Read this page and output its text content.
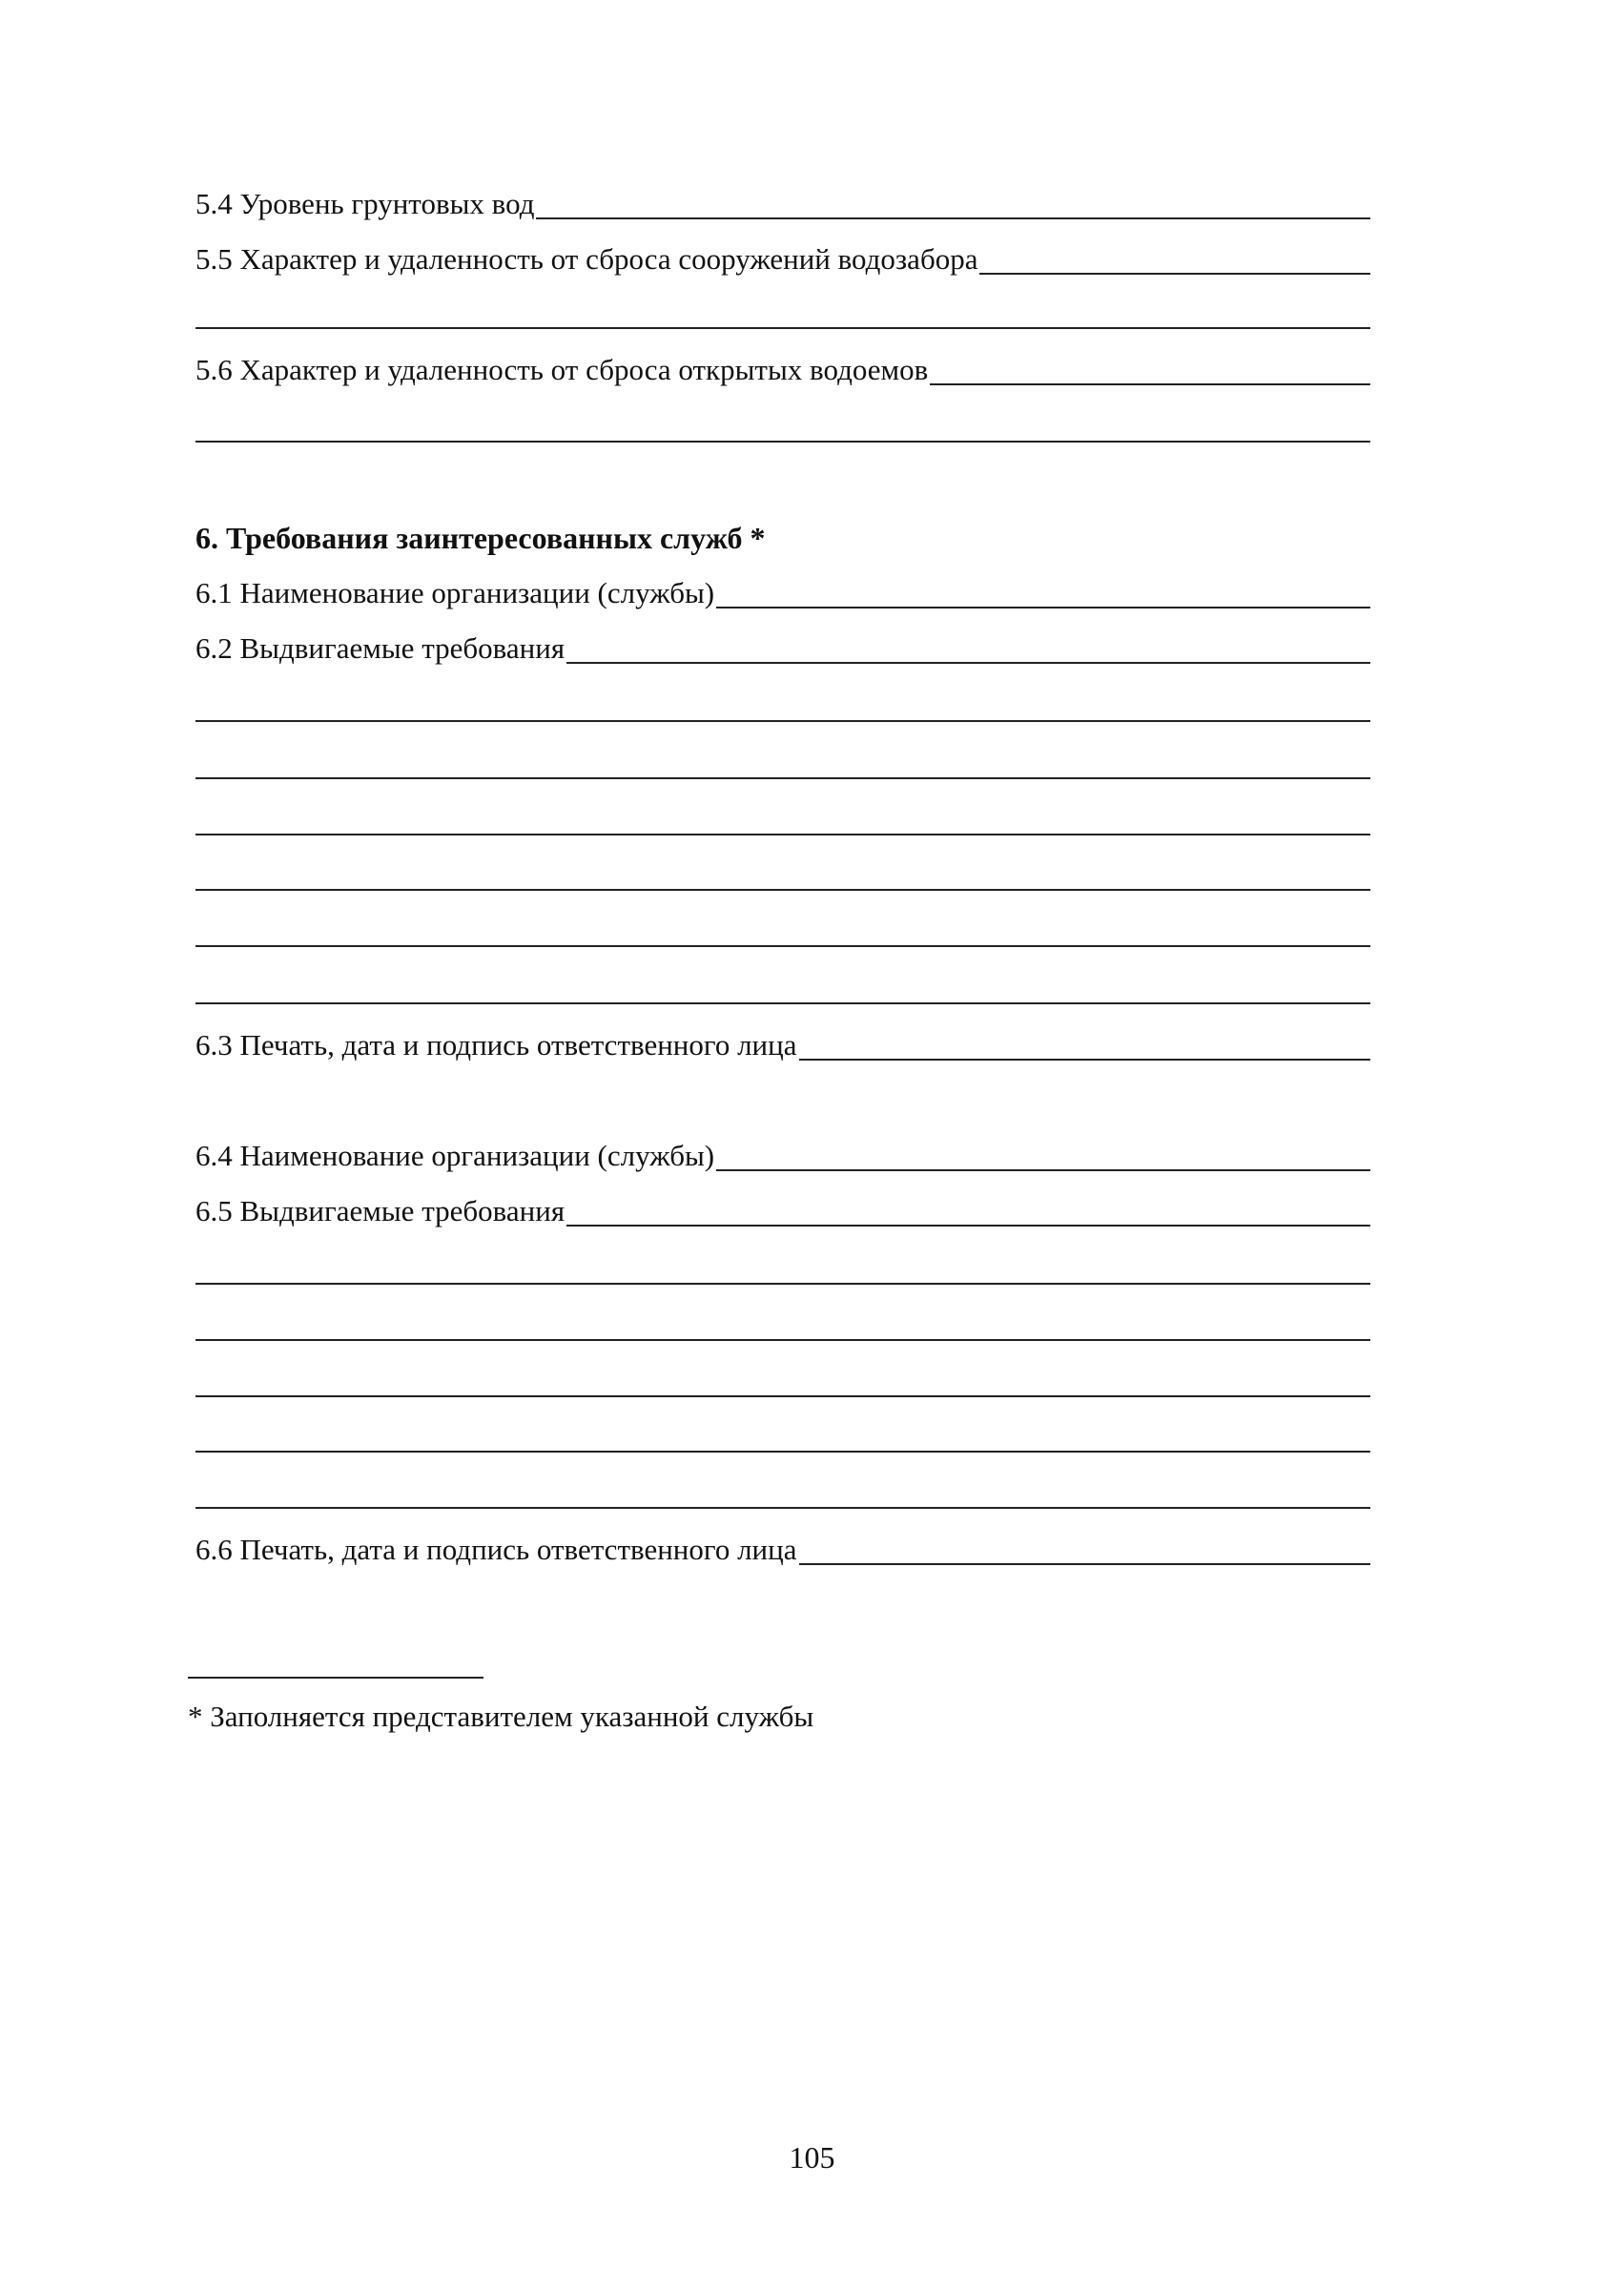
5.4 Уровень грунтовых вод
5.5 Характер и удаленность от сброса сооружений водозабора
5.6 Характер и удаленность от сброса открытых водоемов
6. Требования заинтересованных служб *
6.1 Наименование организации (службы)
6.2 Выдвигаемые требования
6.3 Печать, дата и подпись ответственного лица
6.4 Наименование организации (службы)
6.5 Выдвигаемые требования
6.6 Печать, дата и подпись ответственного лица
* Заполняется представителем указанной службы
105
